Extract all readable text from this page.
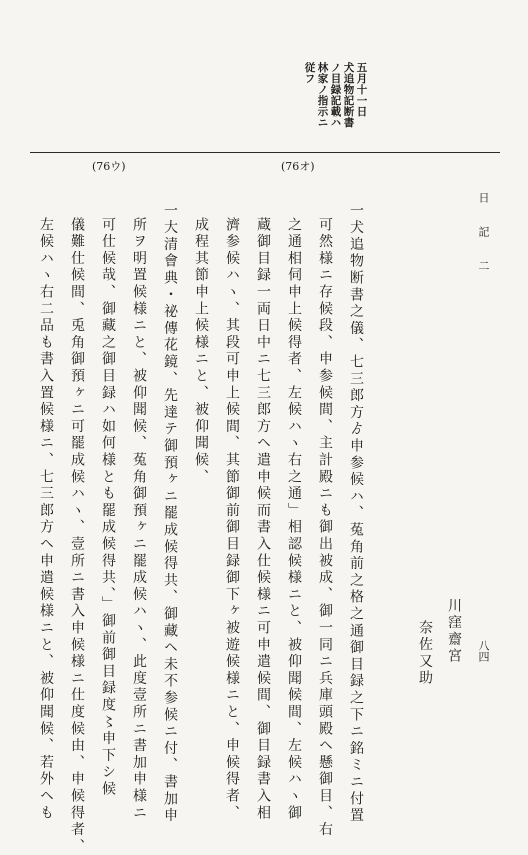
五月十一日
犬追物記断書
ノ目録記載ハ
林家ノ指示ニ
従フ
(76ウ)	(76オ)
日　記　二
八四
川窪齋宮
奈佐又助
一犬追物断書之儀、七三郎方ゟ申参候ハ、菟角前之格之通御目録之下ニ銘ミニ付置
可然様ニ存候段、申参候間、主計殿ニも御出被成、御一同ニ兵庫頭殿ヘ懸御目、右
之通相伺申上候得者、左候ハヽ右之通」相認候様ニと、被仰聞候間、左候ハヽ御
蔵御目録一両日中ニ七三郎方ヘ遣申候而書入仕候様ニ可申遣候間、御目録書入相
濟参候ハヽ、其段可申上候間、其節御前御目録御下ヶ被遊候様ニと、申候得者、
成程其節申上候様ニと、被仰聞候、
一大清會典・祕傳花鏡、先達テ御預ヶニ罷成候得共、御藏ヘ未不参候ニ付、書加申
所ヲ明置候様ニと、被仰聞候、菟角御預ヶニ罷成候ハヽ、此度壹所ニ書加申様ニ
可仕候哉、御藏之御目録ハ如何様とも罷成候得共、」御前御目録度〻申下シ候
儀難仕候間、兎角御預ヶニ可罷成候ハヽ、壹所ニ書入申候様ニ仕度候由、申候得者、
左候ハヽ右二品も書入置候様ニ、七三郎方ヘ申遣候様ニと、被仰聞候、若外ヘも
